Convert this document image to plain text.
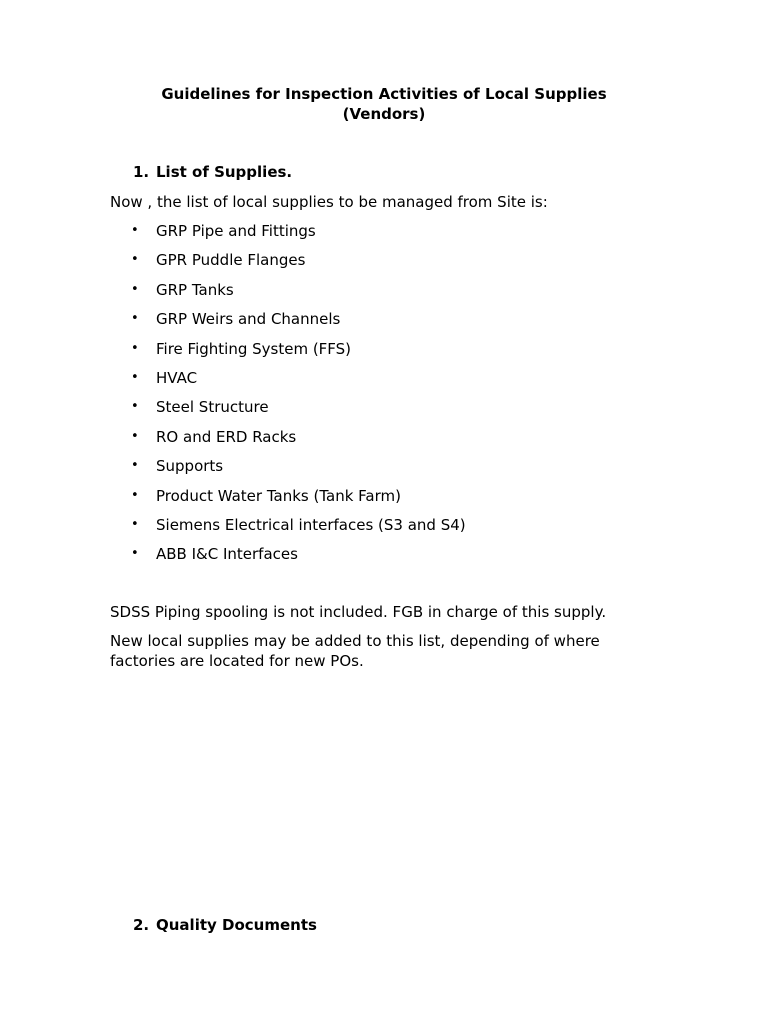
Guidelines for Inspection Activities of Local Supplies
(Vendors)
1. List of Supplies.
Now , the list of local supplies to be managed from Site is:
• GRP Pipe and Fittings
• GPR Puddle Flanges
• GRP Tanks
• GRP Weirs and Channels
• Fire Fighting System (FFS)
• HVAC
• Steel Structure
• RO and ERD Racks
• Supports
• Product Water Tanks (Tank Farm)
• Siemens Electrical interfaces (S3 and S4)
• ABB I&C Interfaces
SDSS Piping spooling is not included. FGB in charge of this supply.
New local supplies may be added to this list, depending of where factories are located for new POs.
2. Quality Documents
